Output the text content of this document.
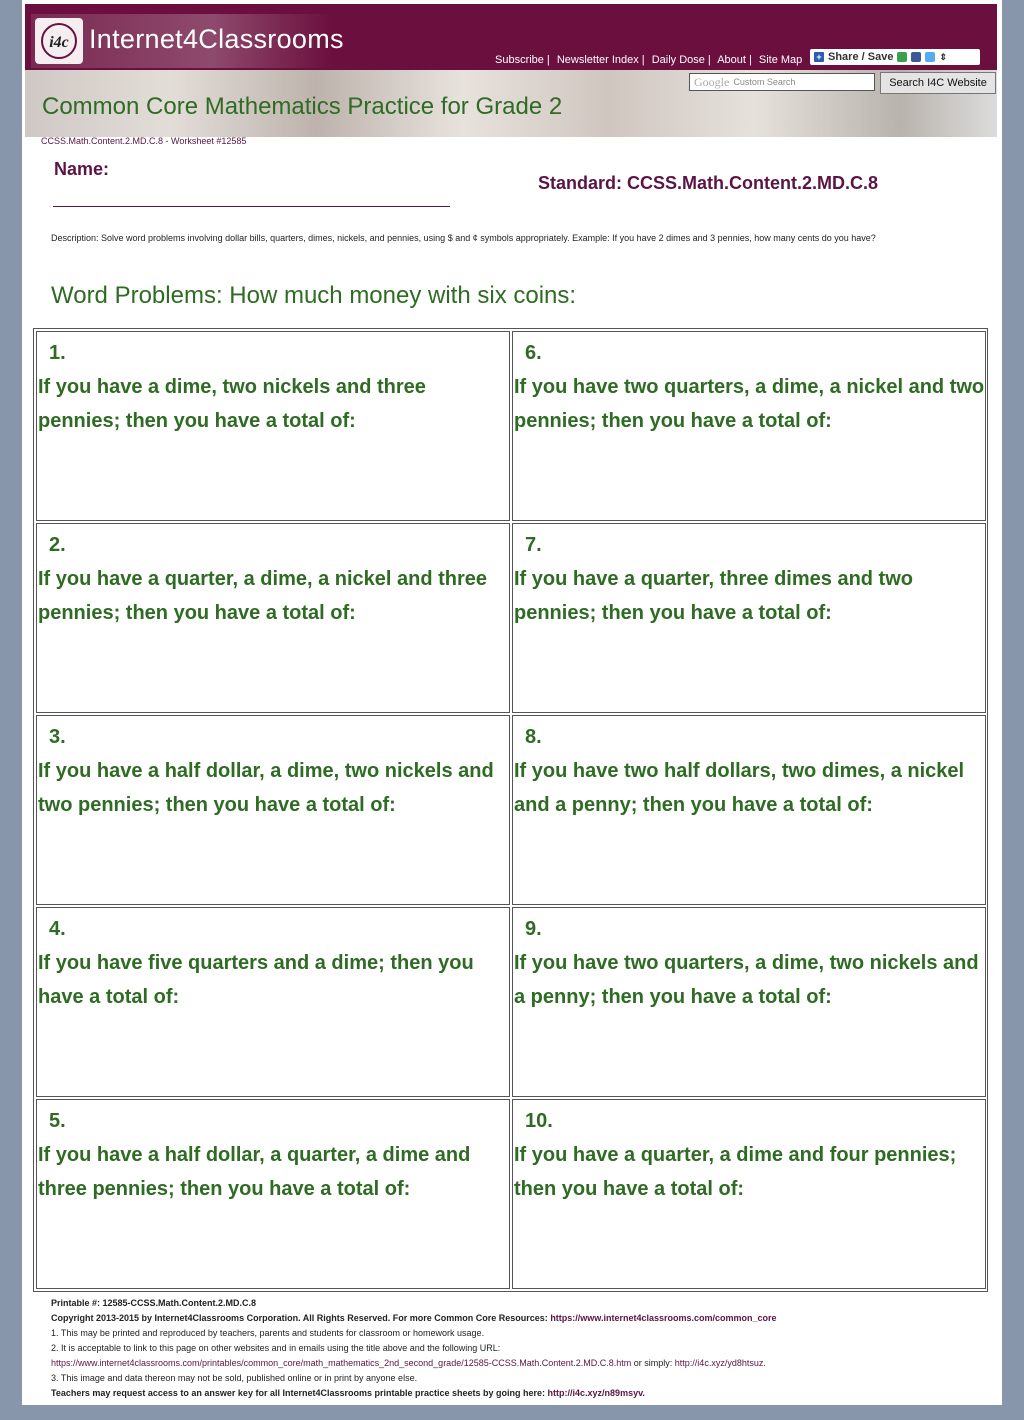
i4c Internet4Classrooms
Subscribe | Newsletter Index | Daily Dose | About | Site Map + Share / Save	⇕
Google Custom Search	Search I4C Website
Common Core Mathematics Practice for Grade 2
CCSS.Math.Content.2.MD.C.8 - Worksheet #12585
Name:
Standard: CCSS.Math.Content.2.MD.C.8
Description: Solve word problems involving dollar bills, quarters, dimes, nickels, and pennies, using $ and ¢ symbols appropriately. Example: If you have 2 dimes and 3 pennies, how many cents do you have?
Word Problems: How much money with six coins:
1.
If you have a dime, two nickels and three pennies; then you have a total of:
2.
If you have a quarter, a dime, a nickel and three pennies; then you have a total of:
3.
If you have a half dollar, a dime, two nickels and two pennies; then you have a total of:
4.
If you have five quarters and a dime; then you have a total of:
5.
If you have a half dollar, a quarter, a dime and three pennies; then you have a total of:
6.
If you have two quarters, a dime, a nickel and two pennies; then you have a total of:
7.
If you have a quarter, three dimes and two pennies; then you have a total of:
8.
If you have two half dollars, two dimes, a nickel and a penny; then you have a total of:
9.
If you have two quarters, a dime, two nickels and a penny; then you have a total of:
10.
If you have a quarter, a dime and four pennies; then you have a total of:
Printable #: 12585-CCSS.Math.Content.2.MD.C.8
Copyright 2013-2015 by Internet4Classrooms Corporation. All Rights Reserved. For more Common Core Resources: https://www.internet4classrooms.com/common_core
1. This may be printed and reproduced by teachers, parents and students for classroom or homework usage.
2. It is acceptable to link to this page on other websites and in emails using the title above and the following URL:
https://www.internet4classrooms.com/printables/common_core/math_mathematics_2nd_second_grade/12585-CCSS.Math.Content.2.MD.C.8.htm or simply: http://i4c.xyz/yd8htsuz.
3. This image and data thereon may not be sold, published online or in print by anyone else.
Teachers may request access to an answer key for all Internet4Classrooms printable practice sheets by going here: http://i4c.xyz/n89msyv.
